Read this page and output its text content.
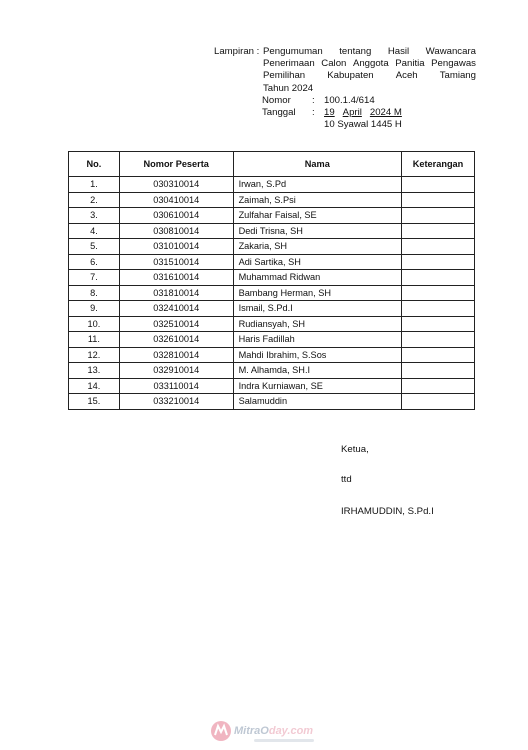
Lampiran : Pengumuman tentang Hasil Wawancara
Penerimaan Calon Anggota Panitia Pengawas
Pemilihan Kabupaten Aceh Tamiang
Tahun 2024
Nomor	: 100.1.4/614
Tanggal	: 19 April 2024 M
10 Syawal 1445 H
No.	Nomor Peserta	Nama	Keterangan
1.	030310014	Irwan, S.Pd	
2.	030410014	Zaimah, S.Psi	
3.	030610014	Zulfahar Faisal, SE	
4.	030810014	Dedi Trisna, SH	
5.	031010014	Zakaria, SH	
6.	031510014	Adi Sartika, SH	
7.	031610014	Muhammad Ridwan	
8.	031810014	Bambang Herman, SH	
9.	032410014	Ismail, S.Pd.I	
10.	032510014	Rudiansyah, SH	
11.	032610014	Haris Fadillah	
12.	032810014	Mahdi Ibrahim, S.Sos	
13.	032910014	M. Alhamda, SH.I	
14.	033110014	Indra Kurniawan, SE	
15.	033210014	Salamuddin	
Ketua,
ttd
IRHAMUDDIN, S.Pd.I
MitraOday.com
